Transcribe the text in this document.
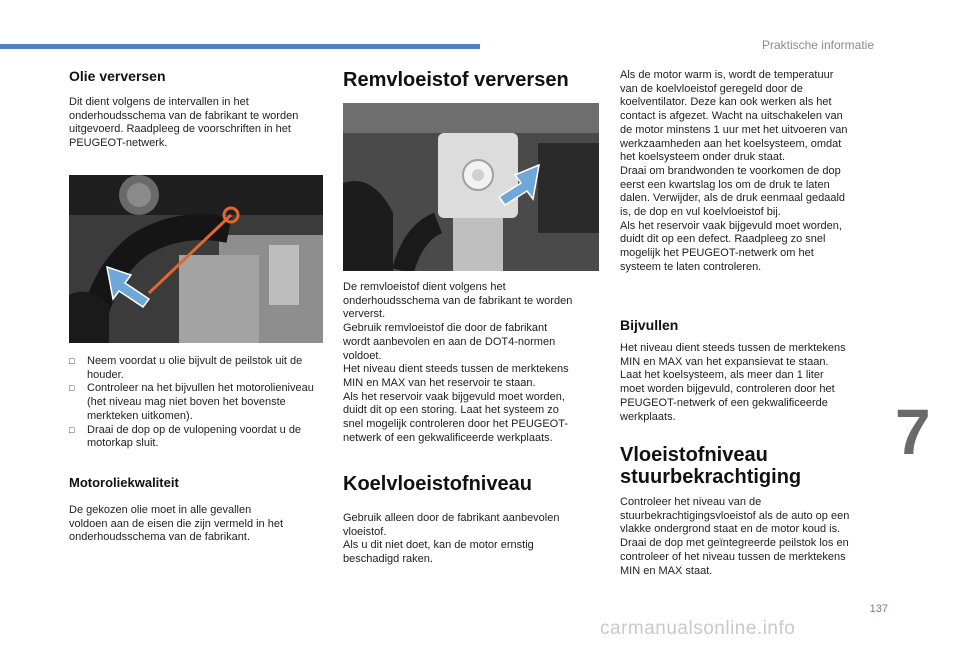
Praktische informatie
Olie verversen
Dit dient volgens de intervallen in het
onderhoudsschema van de fabrikant te worden
uitgevoerd. Raadpleeg de voorschriften in het
PEUGEOT-netwerk.
□ Neem voordat u olie bijvult de peilstok uit de houder.
□ Controleer na het bijvullen het motorolieniveau (het niveau mag niet boven het bovenste merkteken uitkomen).
□ Draai de dop op de vulopening voordat u de motorkap sluit.
Motoroliekwaliteit
De gekozen olie moet in alle gevallen
voldoen aan de eisen die zijn vermeld in het
onderhoudsschema van de fabrikant.
Remvloeistof verversen
De remvloeistof dient volgens het
onderhoudsschema van de fabrikant te worden
ververst.
Gebruik remvloeistof die door de fabrikant
wordt aanbevolen en aan de DOT4-normen
voldoet.
Het niveau dient steeds tussen de merktekens
MIN en MAX van het reservoir te staan.
Als het reservoir vaak bijgevuld moet worden,
duidt dit op een storing. Laat het systeem zo
snel mogelijk controleren door het PEUGEOT-
netwerk of een gekwalificeerde werkplaats.
Koelvloeistofniveau
Gebruik alleen door de fabrikant aanbevolen
vloeistof.
Als u dit niet doet, kan de motor ernstig
beschadigd raken.
Als de motor warm is, wordt de temperatuur
van de koelvloeistof geregeld door de
koelventilator. Deze kan ook werken als het
contact is afgezet. Wacht na uitschakelen van
de motor minstens 1 uur met het uitvoeren van
werkzaamheden aan het koelsysteem, omdat
het koelsysteem onder druk staat.
Draai om brandwonden te voorkomen de dop
eerst een kwartslag los om de druk te laten
dalen. Verwijder, als de druk eenmaal gedaald
is, de dop en vul koelvloeistof bij.
Als het reservoir vaak bijgevuld moet worden,
duidt dit op een defect. Raadpleeg zo snel
mogelijk het PEUGEOT-netwerk om het
systeem te laten controleren.
Bijvullen
Het niveau dient steeds tussen de merktekens
MIN en MAX van het expansievat te staan.
Laat het koelsysteem, als meer dan 1 liter
moet worden bijgevuld, controleren door het
PEUGEOT-netwerk of een gekwalificeerde
werkplaats.
Vloeistofniveau
stuurbekrachtiging
Controleer het niveau van de
stuurbekrachtigingsvloeistof als de auto op een
vlakke ondergrond staat en de motor koud is.
Draai de dop met geïntegreerde peilstok los en
controleer of het niveau tussen de merktekens
MIN en MAX staat.
7
137
carmanualsonline.info
